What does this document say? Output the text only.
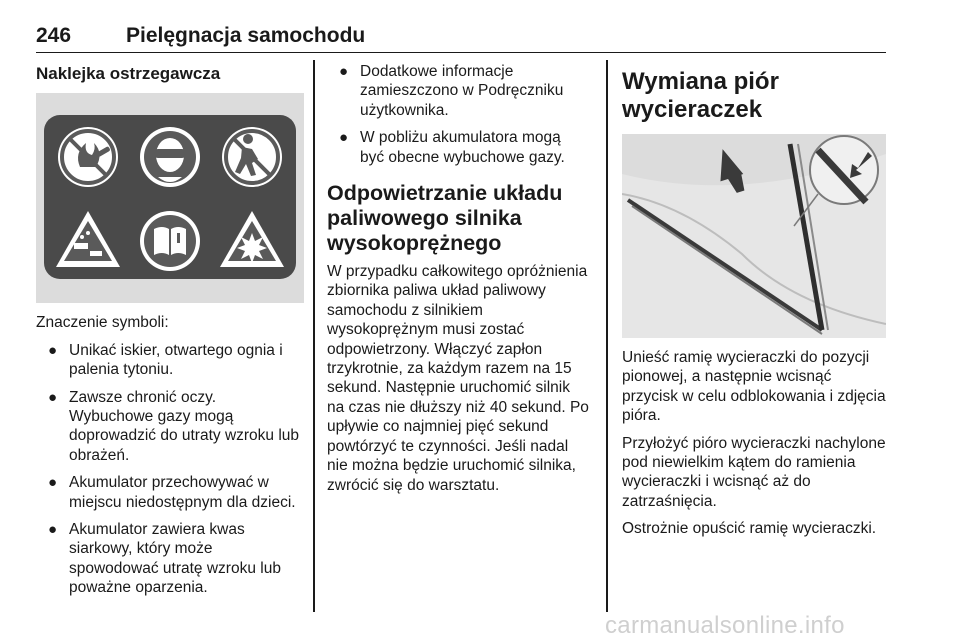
246	Pielęgnacja samochodu
Naklejka ostrzegawcza

Znaczenie symboli:

● Unikać iskier, otwartego ognia i palenia tytoniu.
● Zawsze chronić oczy. Wybuchowe gazy mogą doprowadzić do utraty wzroku lub obrażeń.
● Akumulator przechowywać w miejscu niedostępnym dla dzieci.
● Akumulator zawiera kwas siarkowy, który może spowodować utratę wzroku lub poważne oparzenia.
● Dodatkowe informacje zamieszczono w Podręczniku użytkownika.
● W pobliżu akumulatora mogą być obecne wybuchowe gazy.
Odpowietrzanie układu paliwowego silnika wysokoprężnego

W przypadku całkowitego opróżnienia zbiornika paliwa układ paliwowy samochodu z silnikiem wysokoprężnym musi zostać odpowietrzony. Włączyć zapłon trzykrotnie, za każdym razem na 15 sekund. Następnie uruchomić silnik na czas nie dłuższy niż 40 sekund. Po upływie co najmniej pięć sekund powtórzyć te czynności. Jeśli nadal nie można będzie uruchomić silnika, zwrócić się do warsztatu.

Wymiana piór wycieraczek

Unieść ramię wycieraczki do pozycji pionowej, a następnie wcisnąć przycisk w celu odblokowania i zdjęcia pióra.

Przyłożyć pióro wycieraczki nachylone pod niewielkim kątem do ramienia wycieraczki i wcisnąć aż do zatrzaśnięcia.

Ostrożnie opuścić ramię wycieraczki.

carmanualsonline.info
